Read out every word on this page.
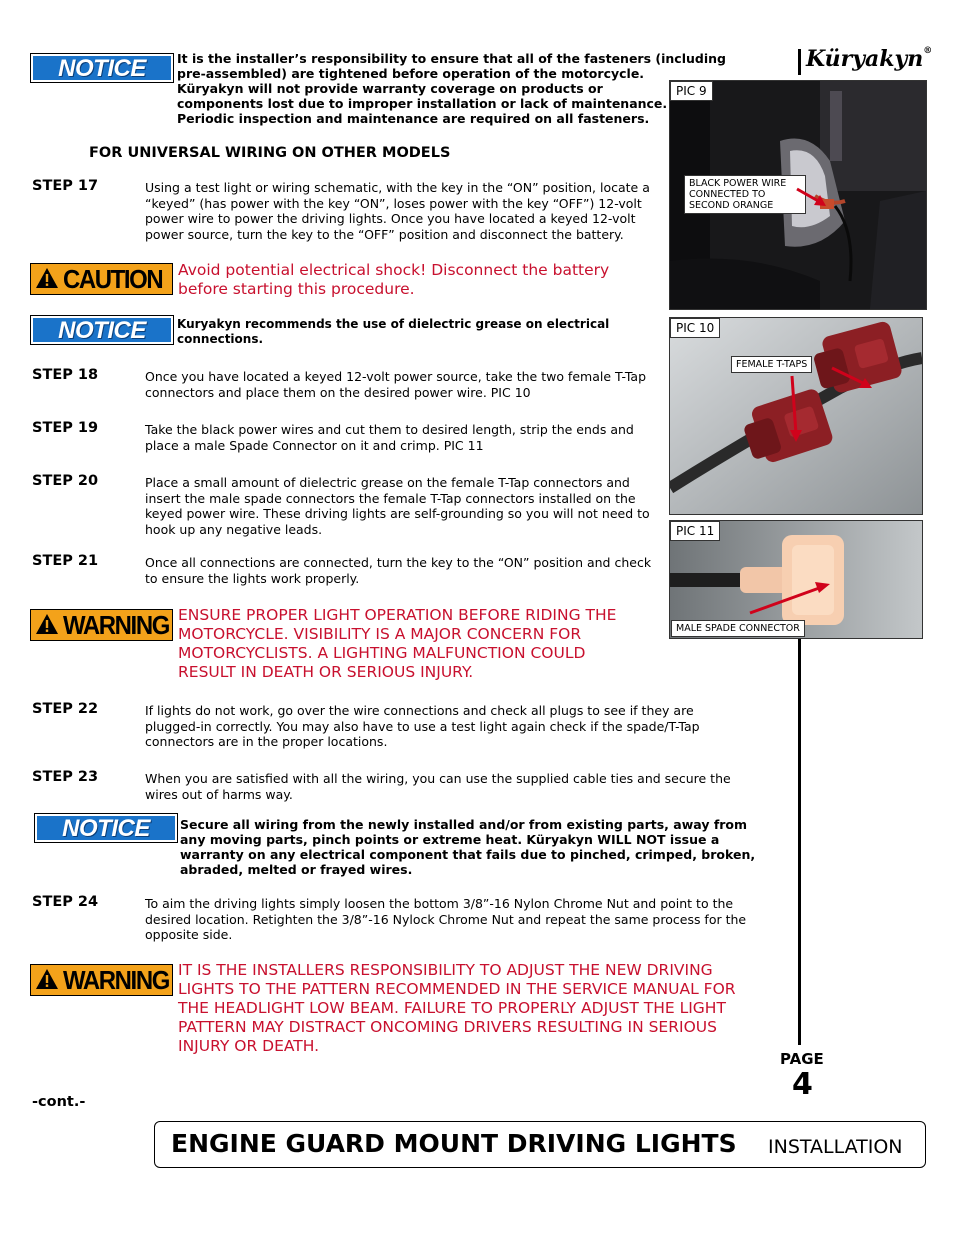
Küryakyn®
NOTICE	It is the installer’s responsibility to ensure that all of the fasteners (including
pre-assembled) are tightened before operation of the motorcycle.
Küryakyn will not provide warranty coverage on products or
components lost due to improper installation or lack of maintenance.
Periodic inspection and maintenance are required on all fasteners.
FOR UNIVERSAL WIRING ON OTHER MODELS
STEP 17	Using a test light or wiring schematic, with the key in the “ON” position, locate a
“keyed” (has power with the key “ON”, loses power with the key “OFF”) 12-volt
power wire to power the driving lights. Once you have located a keyed 12-volt
power source, turn the key to the “OFF” position and disconnect the battery.
CAUTION Avoid potential electrical shock! Disconnect the battery
before starting this procedure.
NOTICE	Kuryakyn recommends the use of dielectric grease on electrical
connections.
STEP 18	Once you have located a keyed 12-volt power source, take the two female T-Tap
connectors and place them on the desired power wire. PIC 10
STEP 19	Take the black power wires and cut them to desired length, strip the ends and
place a male Spade Connector on it and crimp. PIC 11
STEP 20	Place a small amount of dielectric grease on the female T-Tap connectors and
insert the male spade connectors the female T-Tap connectors installed on the
keyed power wire. These driving lights are self-grounding so you will not need to
hook up any negative leads.
STEP 21	Once all connections are connected, turn the key to the “ON” position and check
to ensure the lights work properly.
WARNING ENSURE PROPER LIGHT OPERATION BEFORE RIDING THE
MOTORCYCLE. VISIBILITY IS A MAJOR CONCERN FOR
MOTORCYCLISTS. A LIGHTING MALFUNCTION COULD
RESULT IN DEATH OR SERIOUS INJURY.
STEP 22	If lights do not work, go over the wire connections and check all plugs to see if they are
plugged-in correctly. You may also have to use a test light again check if the spade/T-Tap
connectors are in the proper locations.
STEP 23	When you are satisfied with all the wiring, you can use the supplied cable ties and secure the
wires out of harms way.
NOTICE	Secure all wiring from the newly installed and/or from existing parts, away from
any moving parts, pinch points or extreme heat. Küryakyn WILL NOT issue a
warranty on any electrical component that fails due to pinched, crimped, broken,
abraded, melted or frayed wires.
STEP 24	To aim the driving lights simply loosen the bottom 3/8”-16 Nylon Chrome Nut and point to the
desired location. Retighten the 3/8”-16 Nylock Chrome Nut and repeat the same process for the
opposite side.
WARNING IT IS THE INSTALLERS RESPONSIBILITY TO ADJUST THE NEW DRIVING
LIGHTS TO THE PATTERN RECOMMENDED IN THE SERVICE MANUAL FOR
THE HEADLIGHT LOW BEAM. FAILURE TO PROPERLY ADJUST THE LIGHT
PATTERN MAY DISTRACT ONCOMING DRIVERS RESULTING IN SERIOUS
INJURY OR DEATH.
PIC 9
BLACK POWER WIRE
CONNECTED TO
SECOND ORANGE
PIC 10
FEMALE T-TAPS
PIC 11
MALE SPADE CONNECTOR
-cont.-
PAGE
4
ENGINE GUARD MOUNT DRIVING LIGHTS INSTALLATION
